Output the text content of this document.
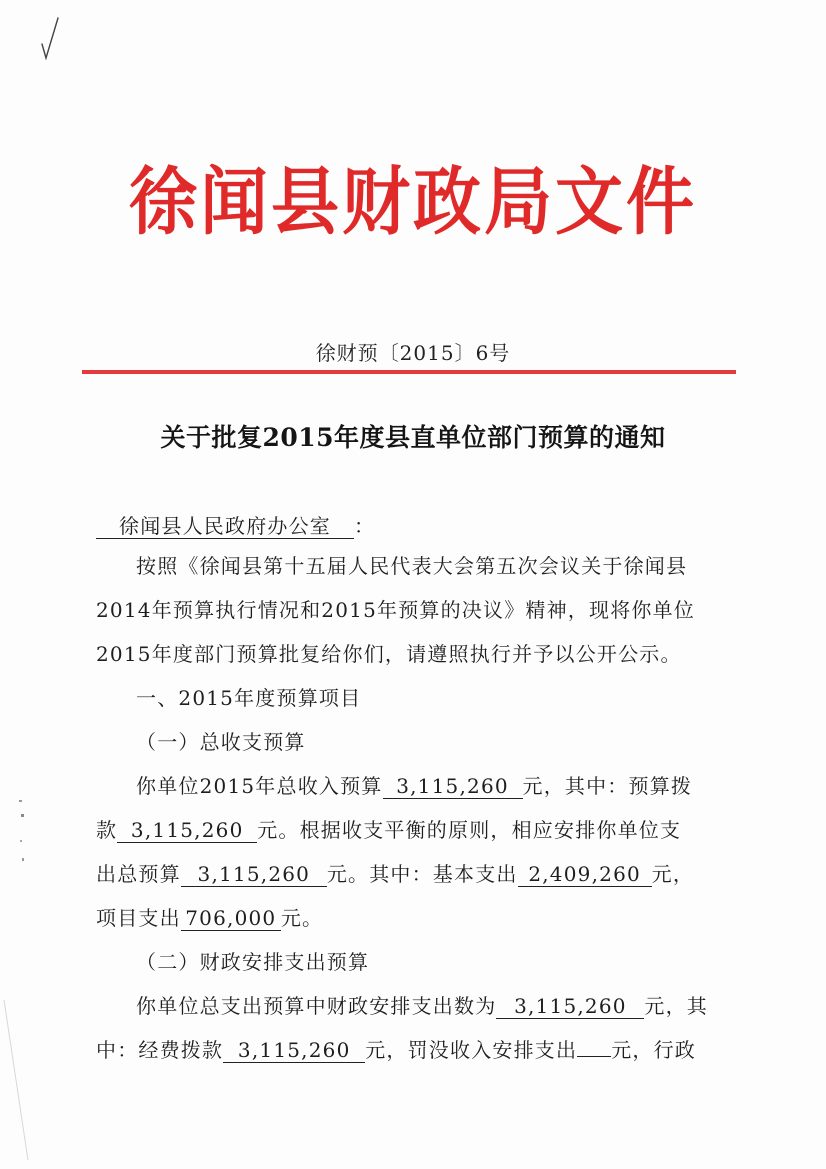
徐闻县财政局文件
徐财预〔2015〕6号
关于批复2015年度县直单位部门预算的通知
徐闻县人民政府办公室 ：
按照《徐闻县第十五届人民代表大会第五次会议关于徐闻县
2014年预算执行情况和2015年预算的决议》精神，现将你单位
2015年度部门预算批复给你们，请遵照执行并予以公开公示。
一、2015年度预算项目
（一）总收支预算
你单位2015年总收入预算 3,115,260 元，其中：预算拨
款 3,115,260 元。根据收支平衡的原则，相应安排你单位支
出总预算 3,115,260 元。其中：基本支出 2,409,260 元，
项目支出 706,000 元。
（二）财政安排支出预算
你单位总支出预算中财政安排支出数为 3,115,260 元，其
中：经费拨款 3,115,260 元，罚没收入安排支出 元，行政
